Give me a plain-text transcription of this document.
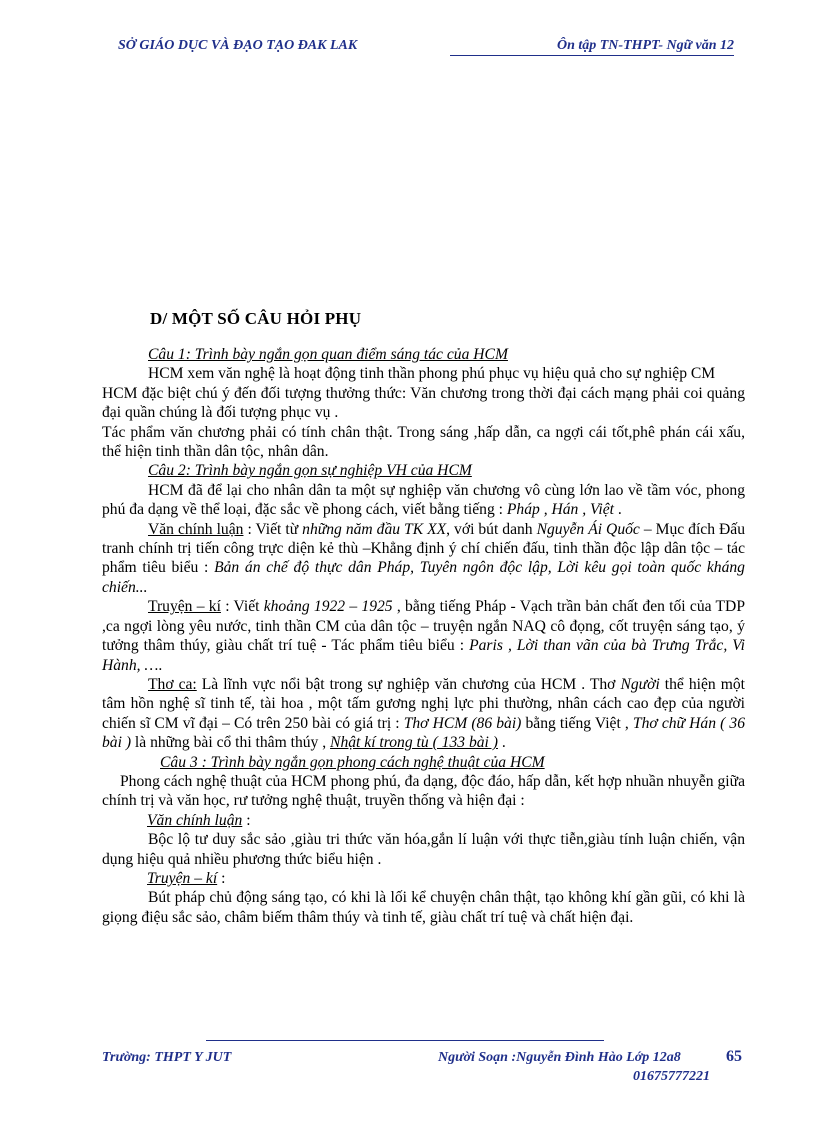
SỞ GIÁO DỤC VÀ ĐẠO TẠO ĐAK LAK	Ôn tập TN-THPT- Ngữ văn 12
D/ MỘT SỐ CÂU HỎI PHỤ

Câu 1: Trình bày ngắn gọn quan điểm sáng tác của HCM

HCM xem văn nghệ là hoạt động tinh thần phong phú phục vụ hiệu quả cho sự nghiệp CM

HCM đặc biệt chú ý đến đối tượng thưởng thức: Văn chương trong thời đại cách mạng phải coi quảng đại quần chúng là đối tượng phục vụ .

Tác phẩm văn chương phải có tính chân thật. Trong sáng ,hấp dẫn, ca ngợi cái tốt,phê phán cái xấu, thể hiện tinh thần dân tộc, nhân dân.

Câu 2: Trình bày ngắn gọn sự nghiệp VH của HCM

HCM đã để lại cho nhân dân ta một sự nghiệp văn chương vô cùng lớn lao về tầm vóc, phong phú đa dạng về thể loại, đặc sắc về phong cách, viết bằng tiếng : Pháp , Hán , Việt .

Văn chính luận : Viết từ những năm đầu TK XX, với bút danh Nguyễn Ái Quốc – Mục đích Đấu tranh chính trị tiến công trực diện kẻ thù –Khẳng định ý chí chiến đấu, tinh thần độc lập dân tộc – tác phẩm tiêu biểu : Bản án chế độ thực dân Pháp, Tuyên ngôn độc lập, Lời kêu gọi toàn quốc kháng chiến...

Truyện – kí : Viết khoảng 1922 – 1925 , bằng tiếng Pháp - Vạch trần bản chất đen tối của TDP ,ca ngợi lòng yêu nước, tinh thần CM của dân tộc – truyện ngắn NAQ cô đọng, cốt truyện sáng tạo, ý tưởng thâm thúy, giàu chất trí tuệ - Tác phẩm tiêu biểu : Paris , Lời than vãn của bà Trưng Trắc, Vi Hành, ….

Thơ ca: Là lĩnh vực nổi bật trong sự nghiệp văn chương của HCM . Thơ Người thể hiện một tâm hồn nghệ sĩ tinh tế, tài hoa , một tấm gương nghị lực phi thường, nhân cách cao đẹp của người chiến sĩ CM vĩ đại – Có trên 250 bài có giá trị : Thơ HCM (86 bài) bằng tiếng Việt , Thơ chữ Hán ( 36 bài ) là những bài cổ thi thâm thúy , Nhật kí trong tù ( 133 bài ) .

Câu 3 : Trình bày ngắn gọn phong cách nghệ thuật của HCM

Phong cách nghệ thuật của HCM phong phú, đa dạng, độc đáo, hấp dẫn, kết hợp nhuần nhuyễn giữa chính trị và văn học, rư tưởng nghệ thuật, truyền thống và hiện đại :

Văn chính luận :

Bộc lộ tư duy sắc sảo ,giàu tri thức văn hóa,gắn lí luận với thực tiễn,giàu tính luận chiến, vận dụng hiệu quả nhiều phương thức biểu hiện .

Truyện – kí :

Bút pháp chủ động sáng tạo, có khi là lối kể chuyện chân thật, tạo không khí gần gũi, có khi là giọng điệu sắc sảo, châm biếm thâm thúy và tinh tế, giàu chất trí tuệ và chất hiện đại.

Trường: THPT Y JUT	Người Soạn :Nguyễn Đình Hào Lớp 12a8
01675777221
65
